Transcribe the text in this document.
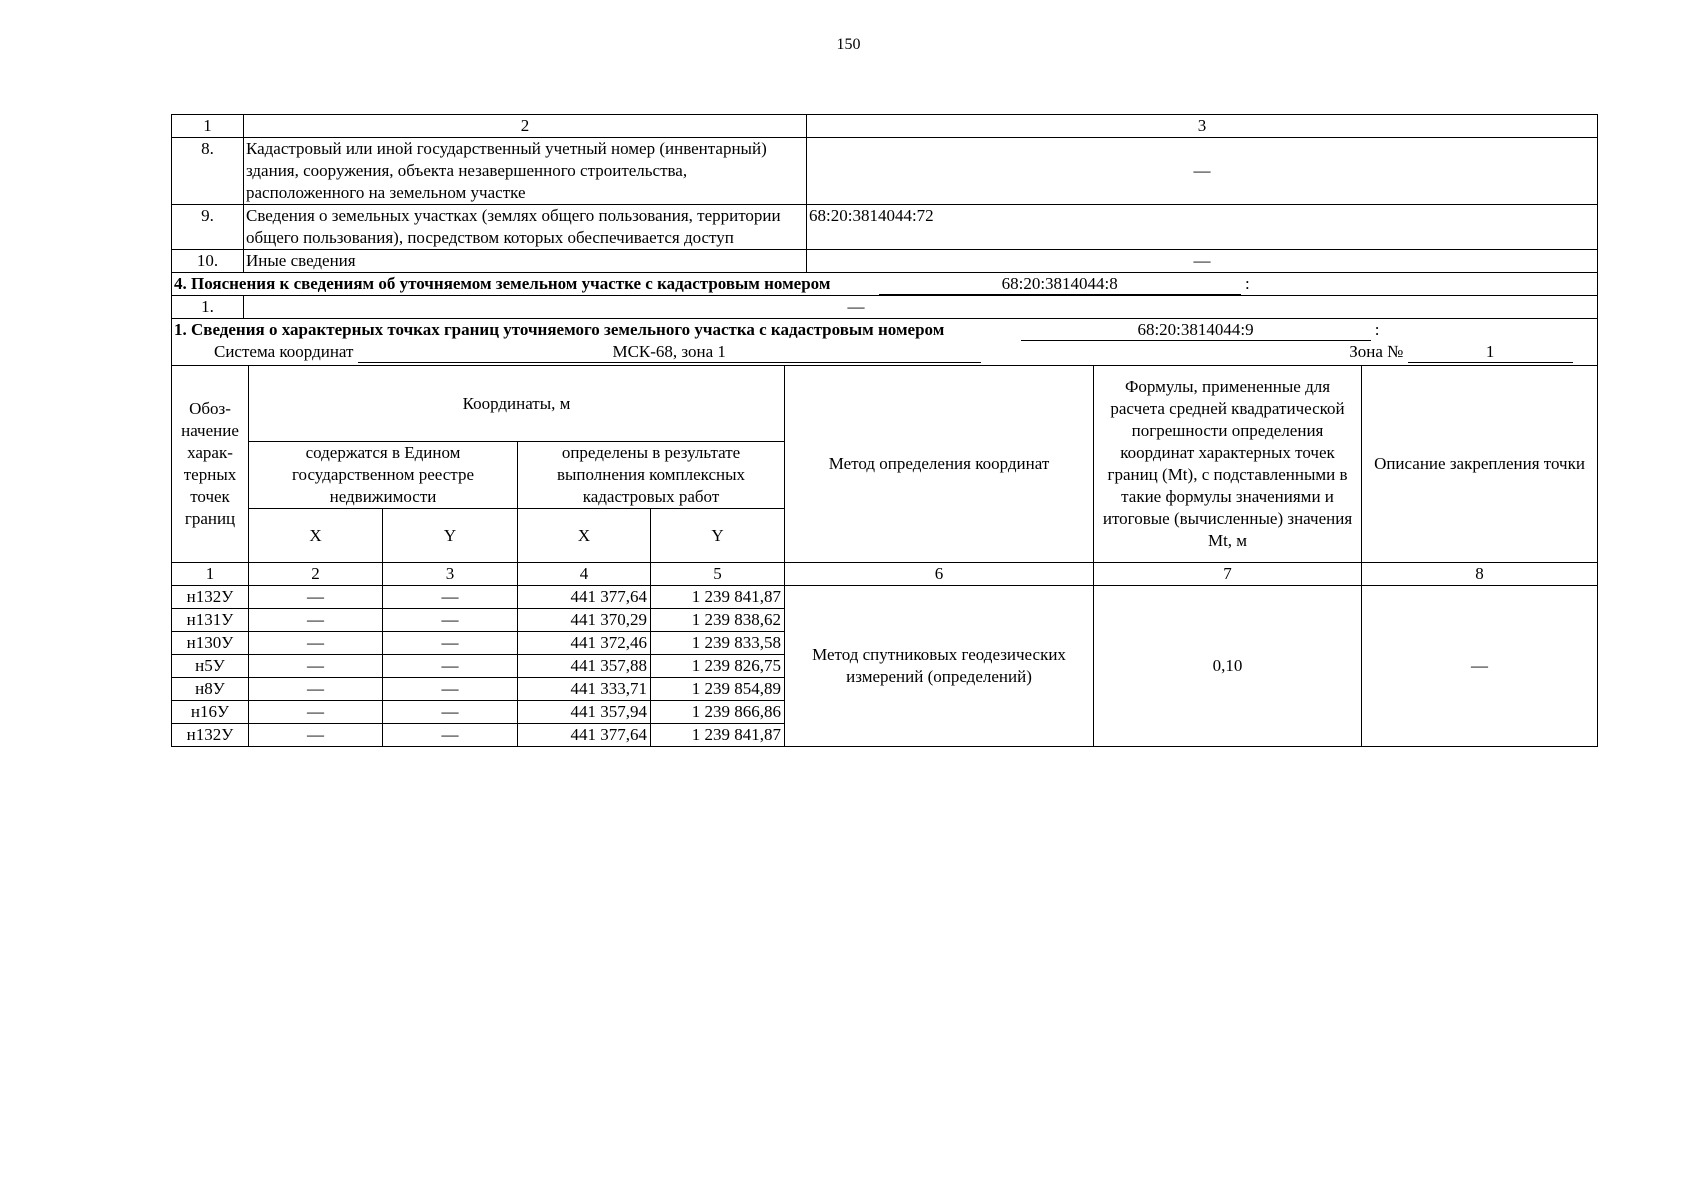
150
1	2	3
8.	Кадастровый или иной государственный учетный номер (инвентарный) здания, сооружения, объекта незавершенного строительства, расположенного на земельном участке	—
9.	Сведения о земельных участках (землях общего пользования, территории общего пользования), посредством которых обеспечивается доступ	68:20:3814044:72
10.	Иные сведения	—
4. Пояснения к сведениям об уточняемом земельном участке с кадастровым номером 68:20:3814044:8 :		
1.	—	

1. Сведения о характерных точках границ уточняемого земельного участка с кадастровым номером 68:20:3814044:9 :
Система координат МСК-68, зона 1 Зона № 1		
Обоз-начение харак-терных точек границ	Координаты, м				Метод определения координат	Формулы, примененные для расчета средней квадратической погрешности определения координат характерных точек границ (Mt), с подставленными в такие формулы значениями и итоговые (вычисленные) значения Mt, м	Описание закрепления точки
	содержатся в Едином государственном реестре недвижимости		определены в результате выполнения комплексных кадастровых работ				
	X	Y	X	Y			
1	2	3	4	5	6	7	8
н132У	—	—	441 377,64	1 239 841,87	Метод спутниковых геодезических измерений (определений)	0,10	—
н131У	—	—	441 370,29	1 239 838,62			
н130У	—	—	441 372,46	1 239 833,58			
н5У	—	—	441 357,88	1 239 826,75			
н8У	—	—	441 333,71	1 239 854,89			
н16У	—	—	441 357,94	1 239 866,86			
н132У	—	—	441 377,64	1 239 841,87			
